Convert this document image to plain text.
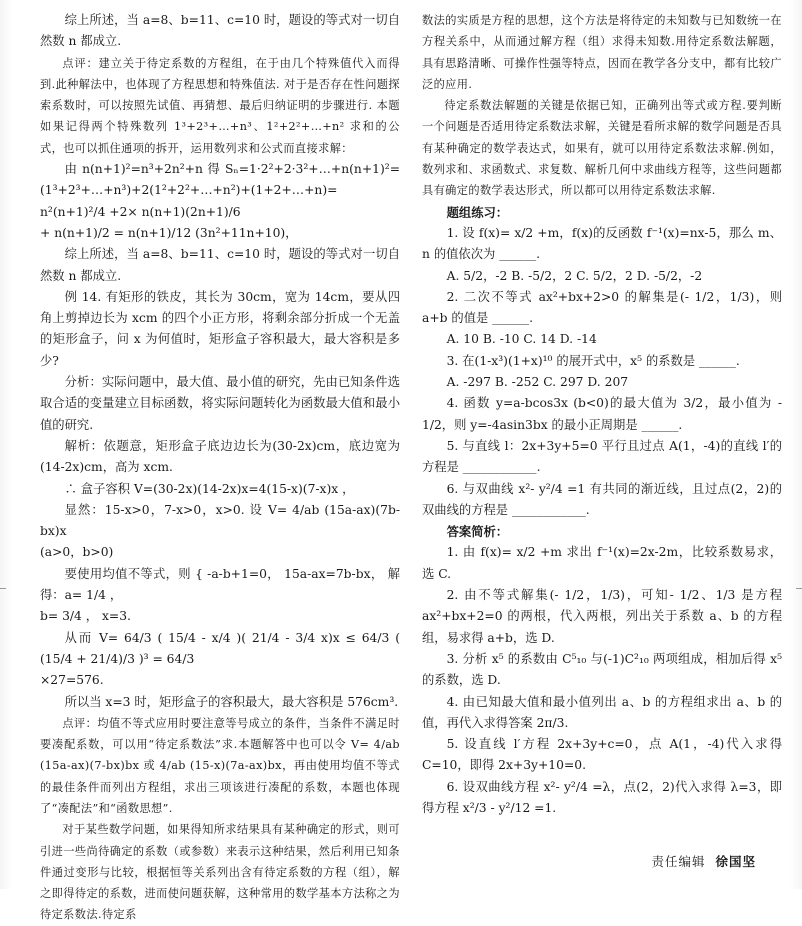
综上所述，当 a=8、b=11、c=10 时，题设的等式对一切自然数 n 都成立.

点评：建立关于待定系数的方程组，在于由几个特殊值代入而得到.此种解法中，也体现了方程思想和特殊值法. 对于是否存在性问题探索系数时，可以按照先试值、再猜想、最后归纳证明的步骤进行. 本题如果记得两个特殊数列 1³+2³+…+n³、1²+2²+…+n² 求和的公式，也可以抓住通项的拆开，运用数列求和公式而直接求解：

由 n(n+1)²=n³+2n²+n 得 Sₙ=1·2²+2·3²+…+n(n+1)²=(1³+2³+…+n³)+2(1²+2²+…+n²)+(1+2+…+n)= n²(n+1)²/4 +2× n(n+1)(2n+1)/6

+ n(n+1)/2 = n(n+1)/12 (3n²+11n+10)，

综上所述，当 a=8、b=11、c=10 时，题设的等式对一切自然数 n 都成立.

例 14. 有矩形的铁皮，其长为 30cm，宽为 14cm，要从四角上剪掉边长为 xcm 的四个小正方形，将剩余部分折成一个无盖的矩形盒子，问 x 为何值时，矩形盒子容积最大，最大容积是多少?

分析：实际问题中，最大值、最小值的研究，先由已知条件选取合适的变量建立目标函数，将实际问题转化为函数最大值和最小值的研究.

解析：依题意，矩形盒子底边边长为(30-2x)cm，底边宽为(14-2x)cm，高为 xcm.

∴ 盒子容积 V=(30-2x)(14-2x)x=4(15-x)(7-x)x ，

显然：15-x>0，7-x>0，x>0. 设 V= 4/ab (15a-ax)(7b-bx)x

(a>0，b>0)

要使用均值不等式，则 { -a-b+1=0， 15a-ax=7b-bx， 解得：a= 1/4 ，

b= 3/4 ， x=3.

从而 V= 64/3 ( 15/4 - x/4 )( 21/4 - 3/4 x)x ≤ 64/3 ( (15/4 + 21/4)/3 )³ = 64/3

×27=576.

所以当 x=3 时，矩形盒子的容积最大，最大容积是 576cm³.

点评：均值不等式应用时要注意等号成立的条件，当条件不满足时要凑配系数，可以用“待定系数法”求.本题解答中也可以令 V= 4/ab (15a-ax)(7-bx)bx 或 4/ab (15-x)(7a-ax)bx，再由使用均值不等式的最佳条件而列出方程组，求出三项该进行凑配的系数，本题也体现了“凑配法”和“函数思想”.

对于某些数学问题，如果得知所求结果具有某种确定的形式，则可引进一些尚待确定的系数（或参数）来表示这种结果，然后利用已知条件通过变形与比较，根据恒等关系列出含有待定系数的方程（组），解之即得待定的系数，进而使问题获解，这种常用的数学基本方法称之为待定系数法.待定系

数法的实质是方程的思想，这个方法是将待定的未知数与已知数统一在方程关系中，从而通过解方程（组）求得未知数.用待定系数法解题，具有思路清晰、可操作性强等特点，因而在教学各分支中，都有比较广泛的应用.

待定系数法解题的关键是依据已知，正确列出等式或方程.要判断一个问题是否适用待定系数法求解，关键是看所求解的数学问题是否具有某种确定的数学表达式，如果有，就可以用待定系数法求解.例如，数列求和、求函数式、求复数、解析几何中求曲线方程等，这些问题都具有确定的数学表达形式，所以都可以用待定系数法求解.

题组练习：

1. 设 f(x)= x/2 +m，f(x)的反函数 f⁻¹(x)=nx-5，那么 m、n 的值依次为 ______.

A. 5/2，-2 B. -5/2，2 C. 5/2，2 D. -5/2，-2

2. 二次不等式 ax²+bx+2>0 的解集是(- 1/2，1/3)，则 a+b 的值是 ______.

A. 10 B. -10 C. 14 D. -14

3. 在(1-x³)(1+x)¹⁰ 的展开式中，x⁵ 的系数是 ______.

A. -297 B. -252 C. 297 D. 207

4. 函数 y=a-bcos3x (b<0)的最大值为 3/2，最小值为 - 1/2，则 y=-4asin3bx 的最小正周期是 ______.

5. 与直线 l：2x+3y+5=0 平行且过点 A(1，-4)的直线 l′的方程是 ____________.

6. 与双曲线 x²- y²/4 =1 有共同的渐近线，且过点(2，2)的双曲线的方程是 ____________.

答案简析：

1. 由 f(x)= x/2 +m 求出 f⁻¹(x)=2x-2m，比较系数易求，选 C.

2. 由不等式解集(- 1/2，1/3)，可知- 1/2、1/3 是方程 ax²+bx+2=0 的两根，代入两根，列出关于系数 a、b 的方程组，易求得 a+b，选 D.

3. 分析 x⁵ 的系数由 C⁵₁₀ 与(-1)C²₁₀ 两项组成，相加后得 x⁵ 的系数，选 D.

4. 由已知最大值和最小值列出 a、b 的方程组求出 a、b 的值，再代入求得答案 2π/3.

5. 设直线 l′方程 2x+3y+c=0，点 A(1，-4)代入求得 C=10，即得 2x+3y+10=0.

6. 设双曲线方程 x²- y²/4 =λ，点(2，2)代入求得 λ=3，即得方程 x²/3 - y²/12 =1.

责任编辑 徐国坚
